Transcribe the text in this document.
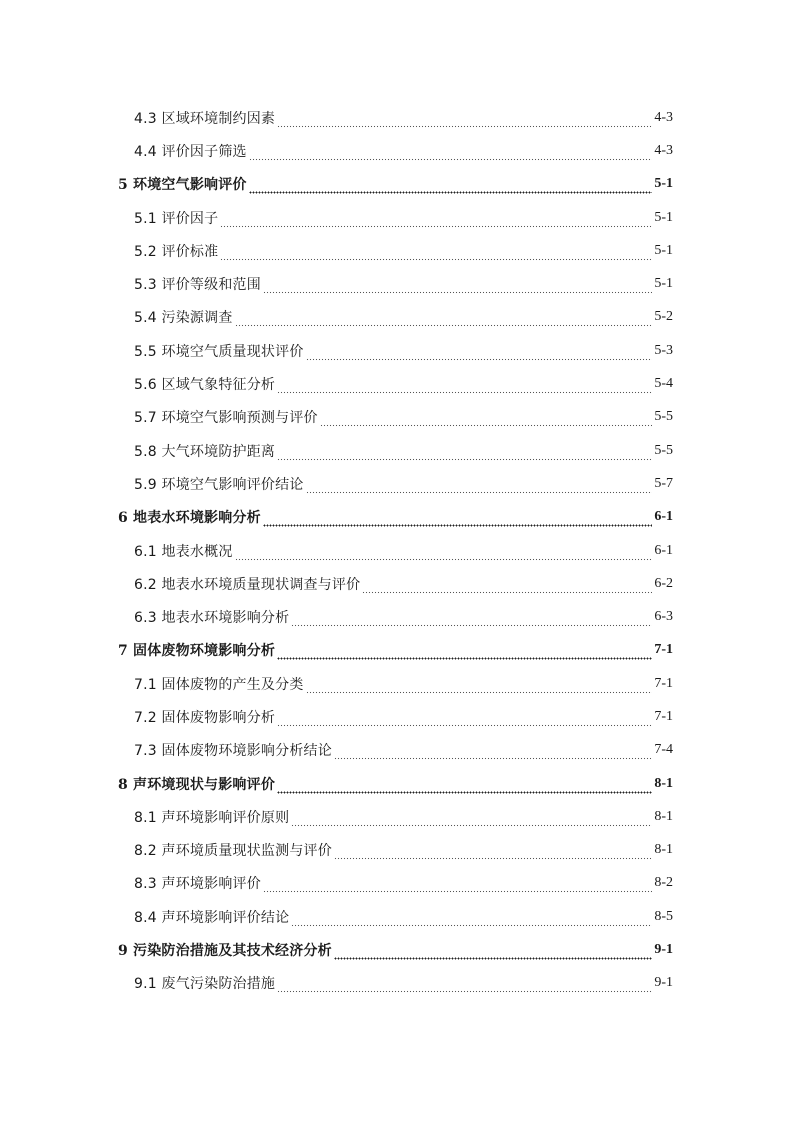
4.3 区域环境制约因素	4-3
4.4 评价因子筛选	4-3
5 环境空气影响评价	5-1
5.1 评价因子	5-1
5.2 评价标准	5-1
5.3 评价等级和范围	5-1
5.4 污染源调查	5-2
5.5 环境空气质量现状评价	5-3
5.6 区域气象特征分析	5-4
5.7 环境空气影响预测与评价	5-5
5.8 大气环境防护距离	5-5
5.9 环境空气影响评价结论	5-7
6 地表水环境影响分析	6-1
6.1 地表水概况	6-1
6.2 地表水环境质量现状调查与评价	6-2
6.3 地表水环境影响分析	6-3
7 固体废物环境影响分析	7-1
7.1 固体废物的产生及分类	7-1
7.2 固体废物影响分析	7-1
7.3 固体废物环境影响分析结论	7-4
8 声环境现状与影响评价	8-1
8.1 声环境影响评价原则	8-1
8.2 声环境质量现状监测与评价	8-1
8.3 声环境影响评价	8-2
8.4 声环境影响评价结论	8-5
9 污染防治措施及其技术经济分析	9-1
9.1 废气污染防治措施	9-1
